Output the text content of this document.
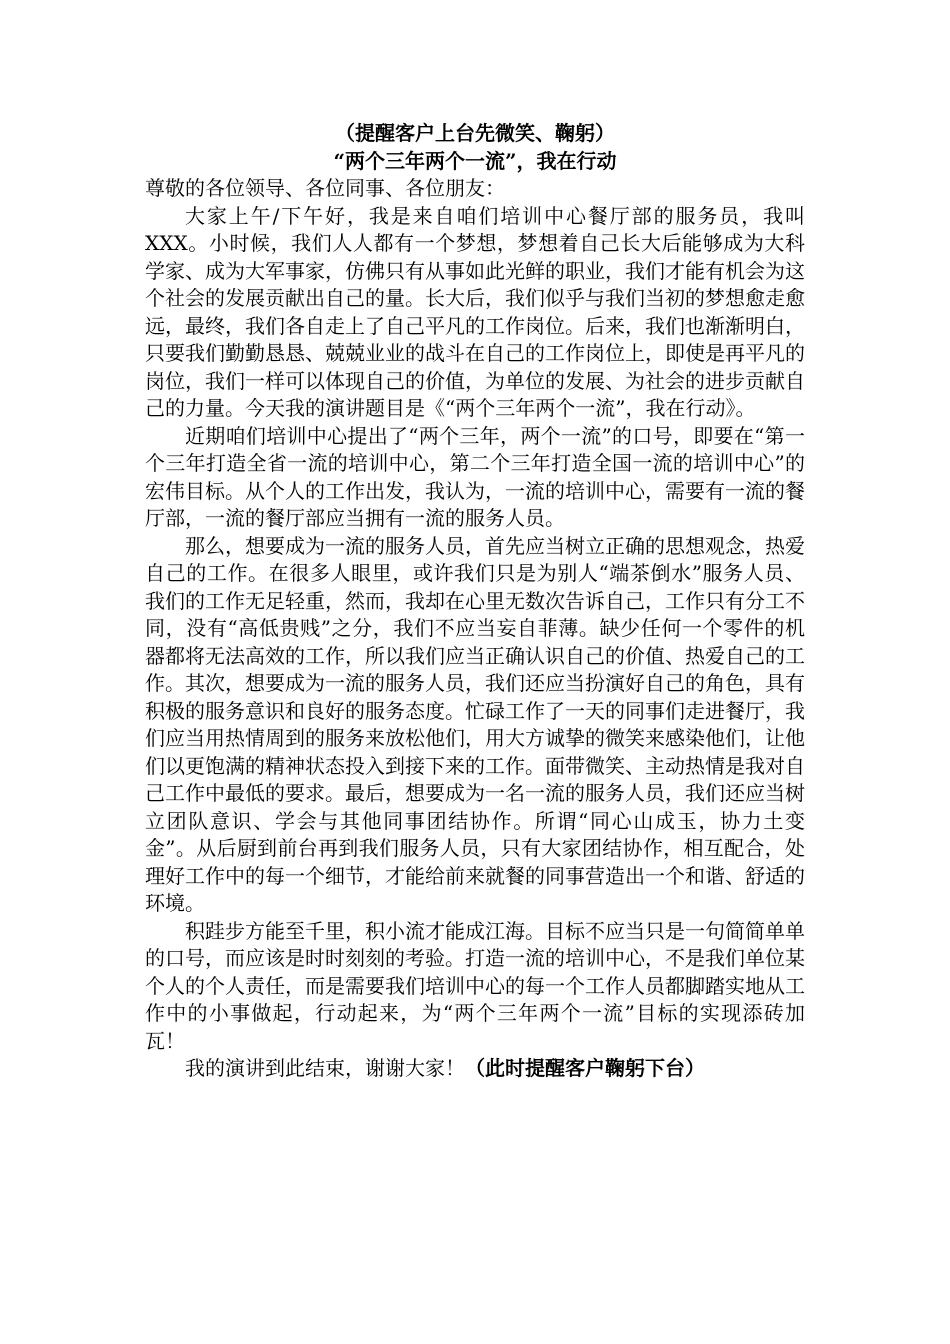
（提醒客户上台先微笑、鞠躬）
“两个三年两个一流”，我在行动
尊敬的各位领导、各位同事、各位朋友：

大家上午/下午好，我是来自咱们培训中心餐厅部的服务员，我叫XXX。小时候，我们人人都有一个梦想，梦想着自己长大后能够成为大科学家、成为大军事家，仿佛只有从事如此光鲜的职业，我们才能有机会为这个社会的发展贡献出自己的量。长大后，我们似乎与我们当初的梦想愈走愈远，最终，我们各自走上了自己平凡的工作岗位。后来，我们也渐渐明白，只要我们勤勤恳恳、兢兢业业的战斗在自己的工作岗位上，即使是再平凡的岗位，我们一样可以体现自己的价值，为单位的发展、为社会的进步贡献自己的力量。今天我的演讲题目是《“两个三年两个一流”，我在行动》。

近期咱们培训中心提出了“两个三年，两个一流”的口号，即要在“第一个三年打造全省一流的培训中心，第二个三年打造全国一流的培训中心”的宏伟目标。从个人的工作出发，我认为，一流的培训中心，需要有一流的餐厅部，一流的餐厅部应当拥有一流的服务人员。

那么，想要成为一流的服务人员，首先应当树立正确的思想观念，热爱自己的工作。在很多人眼里，或许我们只是为别人“端茶倒水”服务人员、我们的工作无足轻重，然而，我却在心里无数次告诉自己，工作只有分工不同，没有“高低贵贱”之分，我们不应当妄自菲薄。缺少任何一个零件的机器都将无法高效的工作，所以我们应当正确认识自己的价值、热爱自己的工作。其次，想要成为一流的服务人员，我们还应当扮演好自己的角色，具有积极的服务意识和良好的服务态度。忙碌工作了一天的同事们走进餐厅，我们应当用热情周到的服务来放松他们，用大方诚挚的微笑来感染他们，让他们以更饱满的精神状态投入到接下来的工作。面带微笑、主动热情是我对自己工作中最低的要求。最后，想要成为一名一流的服务人员，我们还应当树立团队意识、学会与其他同事团结协作。所谓“同心山成玉，协力土变金”。从后厨到前台再到我们服务人员，只有大家团结协作，相互配合，处理好工作中的每一个细节，才能给前来就餐的同事营造出一个和谐、舒适的环境。

积跬步方能至千里，积小流才能成江海。目标不应当只是一句简简单单的口号，而应该是时时刻刻的考验。打造一流的培训中心，不是我们单位某个人的个人责任，而是需要我们培训中心的每一个工作人员都脚踏实地从工作中的小事做起，行动起来，为“两个三年两个一流”目标的实现添砖加瓦！

我的演讲到此结束，谢谢大家！（此时提醒客户鞠躬下台）
